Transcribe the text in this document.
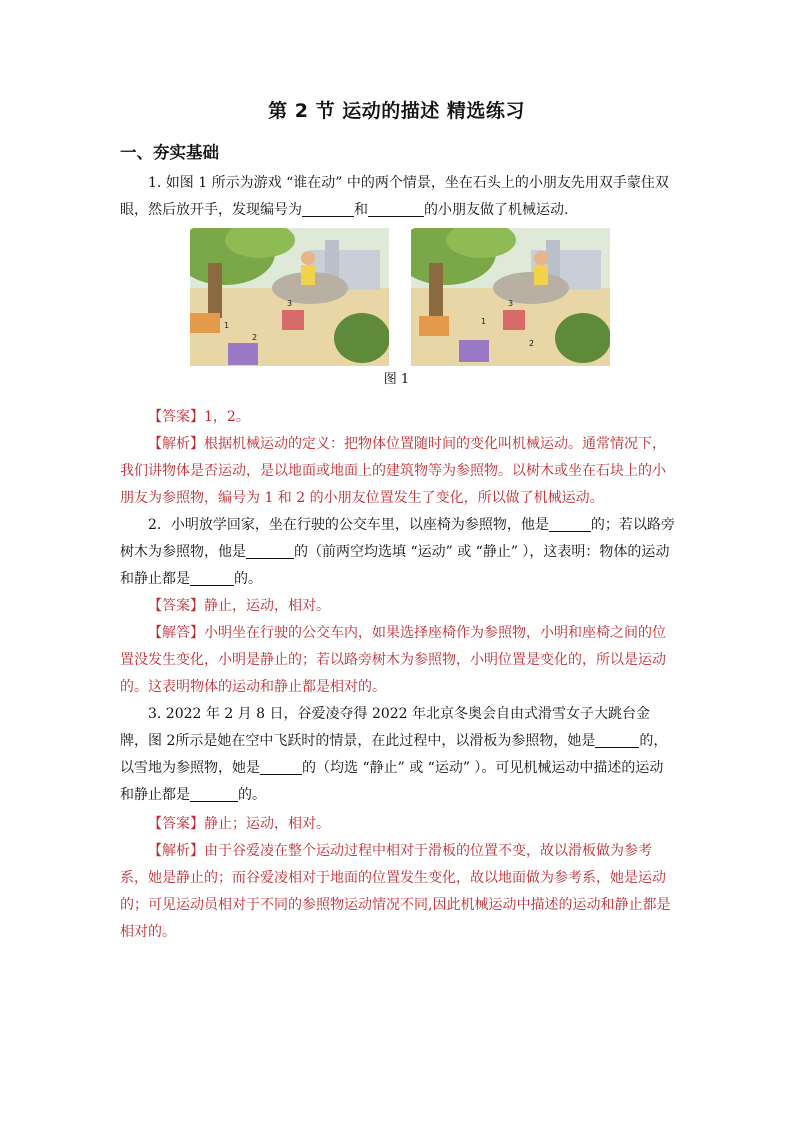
第 2 节 运动的描述 精选练习
一、夯实基础
1. 如图 1 所示为游戏 “谁在动” 中的两个情景，坐在石头上的小朋友先用双手蒙住双
眼，然后放开手，发现编号为	和	的小朋友做了机械运动.
3
1
2
3
1
2
图 1
【答案】1，2。
【解析】根据机械运动的定义：把物体位置随时间的变化叫机械运动。通常情况下，我们讲物体是否运动，是以地面或地面上的建筑物等为参照物。以树木或坐在石块上的小朋友为参照物，编号为 1 和 2 的小朋友位置发生了变化，所以做了机械运动。
2．小明放学回家，坐在行驶的公交车里，以座椅为参照物，他是	的；若以路旁树木为参照物，他是	的（前两空均选填 “运动” 或 “静止” ），这表明：物体的运动和静止都是	的。
【答案】静止，运动，相对。
【解答】小明坐在行驶的公交车内，如果选择座椅作为参照物，小明和座椅之间的位置没发生变化，小明是静止的；若以路旁树木为参照物，小明位置是变化的，所以是运动的。这表明物体的运动和静止都是相对的。
3. 2022 年 2 月 8 日，谷爱凌夺得 2022 年北京冬奥会自由式滑雪女子大跳台金牌，图 2所示是她在空中飞跃时的情景，在此过程中，以滑板为参照物，她是	的，以雪地为参照物，她是	的（均选 “静止” 或 “运动” ）。可见机械运动中描述的运动和静止都是	的。
【答案】静止；运动，相对。
【解析】由于谷爱凌在整个运动过程中相对于滑板的位置不变，故以滑板做为参考系，她是静止的；而谷爱凌相对于地面的位置发生变化，故以地面做为参考系，她是运动的；可见运动员相对于不同的参照物运动情况不同,因此机械运动中描述的运动和静止都是相对的。
